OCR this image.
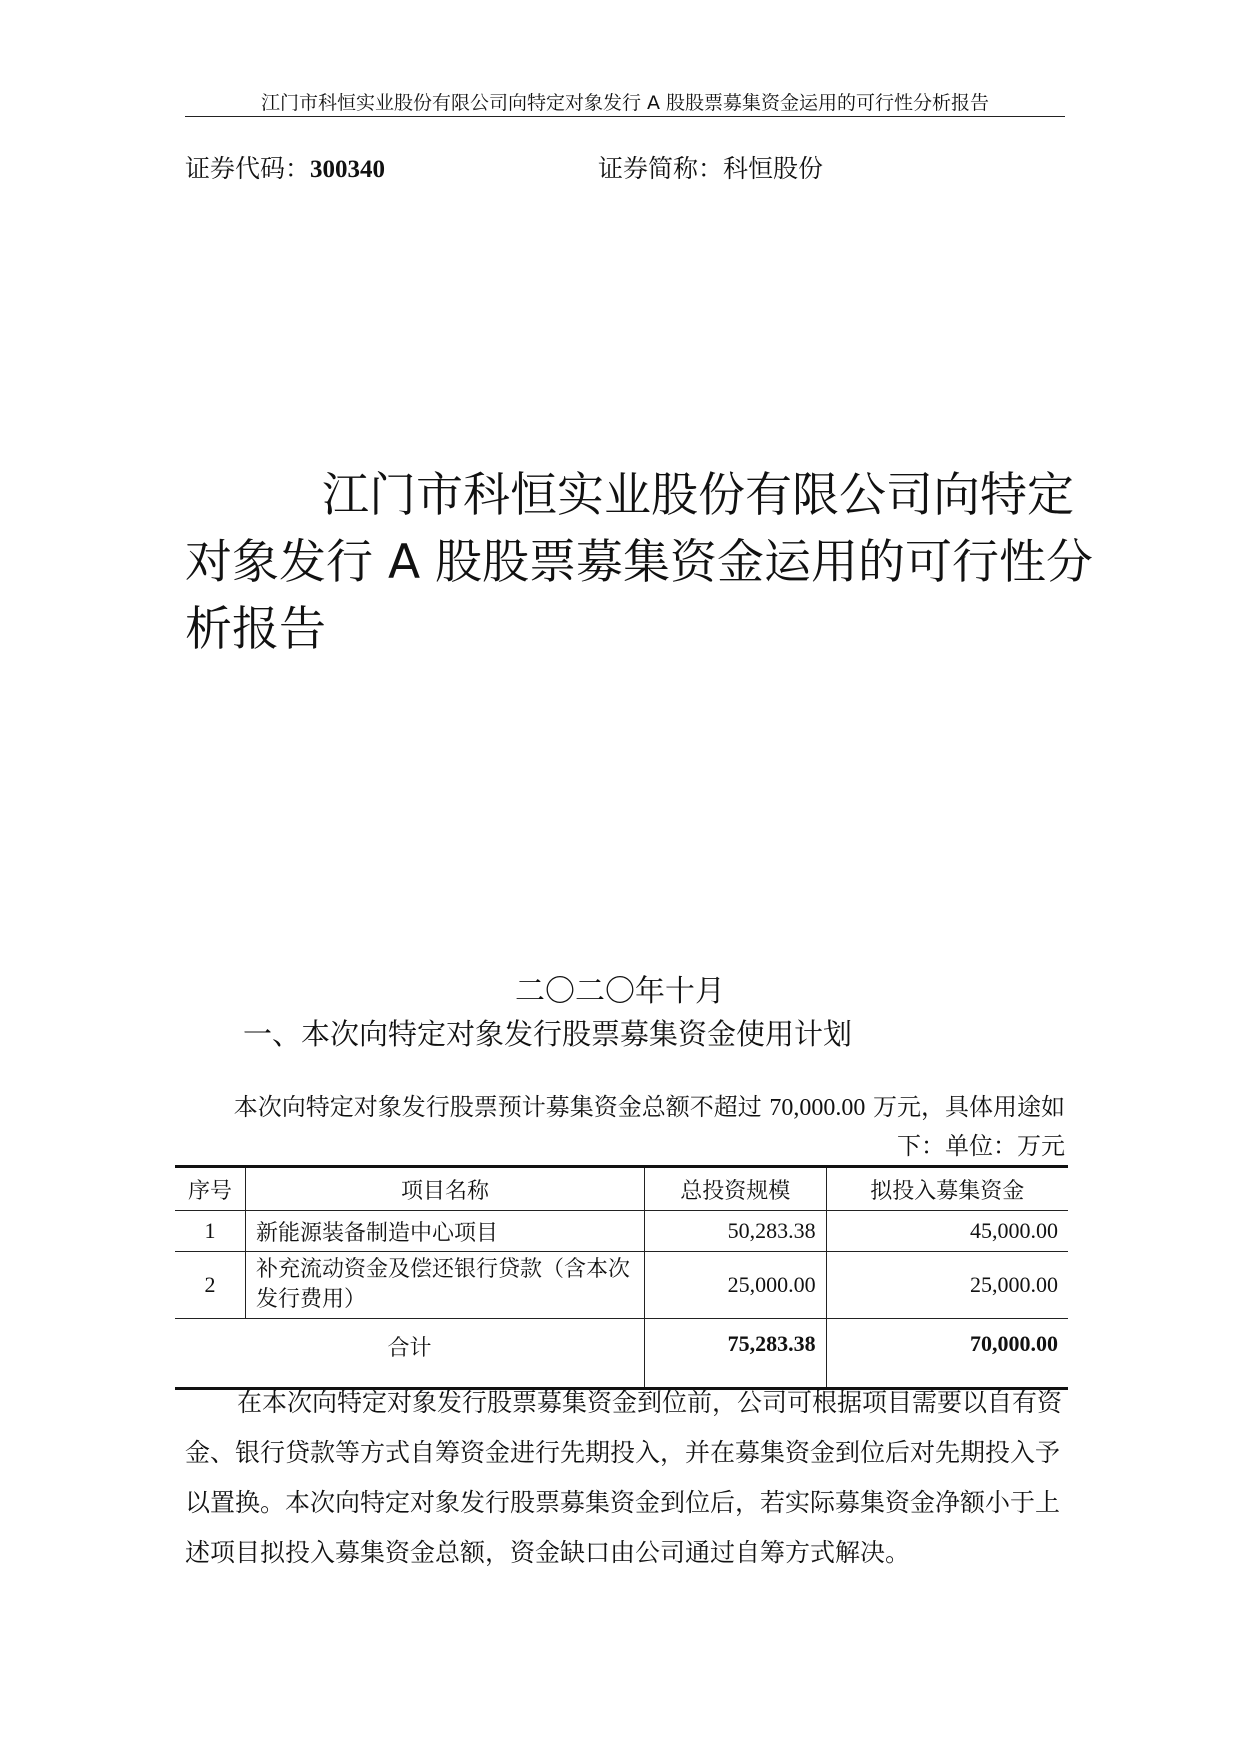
江门市科恒实业股份有限公司向特定对象发行 A 股股票募集资金运用的可行性分析报告
证券代码：300340	证券简称：科恒股份
江门市科恒实业股份有限公司向特定
对象发行 A 股股票募集资金运用的可行性分
析报告
二〇二〇年十月
一、本次向特定对象发行股票募集资金使用计划
本次向特定对象发行股票预计募集资金总额不超过 70,000.00 万元，具体用途如
下：单位：万元
序号	项目名称	总投资规模	拟投入募集资金
1	新能源装备制造中心项目	50,283.38	45,000.00
2	补充流动资金及偿还银行贷款（含本次
发行费用）	25,000.00	25,000.00
合计		75,283.38	70,000.00
在本次向特定对象发行股票募集资金到位前，公司可根据项目需要以自有资
金、银行贷款等方式自筹资金进行先期投入，并在募集资金到位后对先期投入予
以置换。本次向特定对象发行股票募集资金到位后，若实际募集资金净额小于上
述项目拟投入募集资金总额，资金缺口由公司通过自筹方式解决。
